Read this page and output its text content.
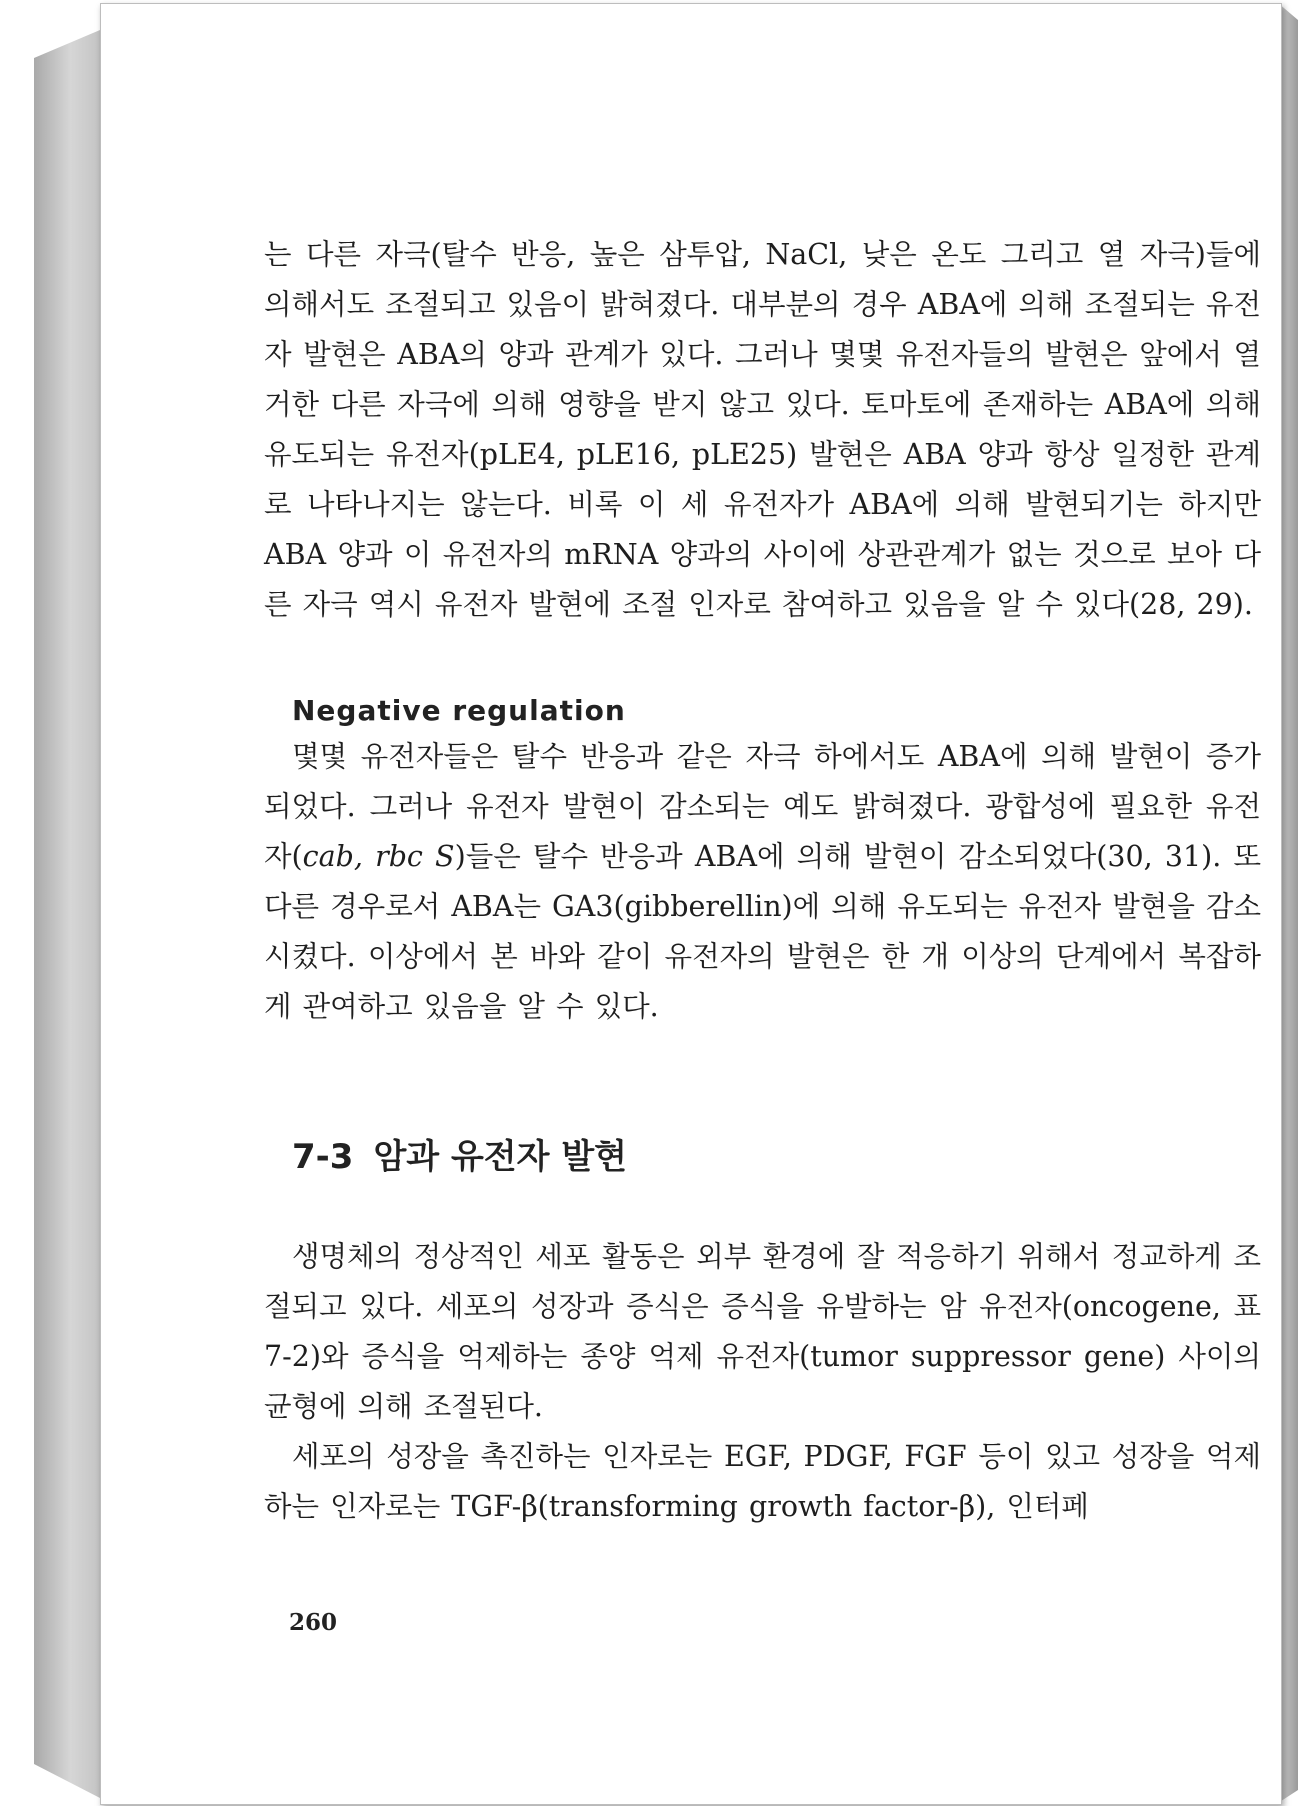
는 다른 자극(탈수 반응, 높은 삼투압, NaCl, 낮은 온도 그리고 열 자극)들에 의해서도 조절되고 있음이 밝혀졌다. 대부분의 경우 ABA에 의해 조절되는 유전자 발현은 ABA의 양과 관계가 있다. 그러나 몇몇 유전자들의 발현은 앞에서 열거한 다른 자극에 의해 영향을 받지 않고 있다. 토마토에 존재하는 ABA에 의해 유도되는 유전자(pLE4, pLE16, pLE25) 발현은 ABA 양과 항상 일정한 관계로 나타나지는 않는다. 비록 이 세 유전자가 ABA에 의해 발현되기는 하지만 ABA 양과 이 유전자의 mRNA 양과의 사이에 상관관계가 없는 것으로 보아 다른 자극 역시 유전자 발현에 조절 인자로 참여하고 있음을 알 수 있다(28, 29).

Negative regulation

몇몇 유전자들은 탈수 반응과 같은 자극 하에서도 ABA에 의해 발현이 증가되었다. 그러나 유전자 발현이 감소되는 예도 밝혀졌다. 광합성에 필요한 유전자(cab, rbc S)들은 탈수 반응과 ABA에 의해 발현이 감소되었다(30, 31). 또 다른 경우로서 ABA는 GA3(gibberellin)에 의해 유도되는 유전자 발현을 감소시켰다. 이상에서 본 바와 같이 유전자의 발현은 한 개 이상의 단계에서 복잡하게 관여하고 있음을 알 수 있다.

7-3 암과 유전자 발현

생명체의 정상적인 세포 활동은 외부 환경에 잘 적응하기 위해서 정교하게 조절되고 있다. 세포의 성장과 증식은 증식을 유발하는 암 유전자(oncogene, 표 7-2)와 증식을 억제하는 종양 억제 유전자(tumor suppressor gene) 사이의 균형에 의해 조절된다.

세포의 성장을 촉진하는 인자로는 EGF, PDGF, FGF 등이 있고 성장을 억제하는 인자로는 TGF-β(transforming growth factor-β), 인터페

260
